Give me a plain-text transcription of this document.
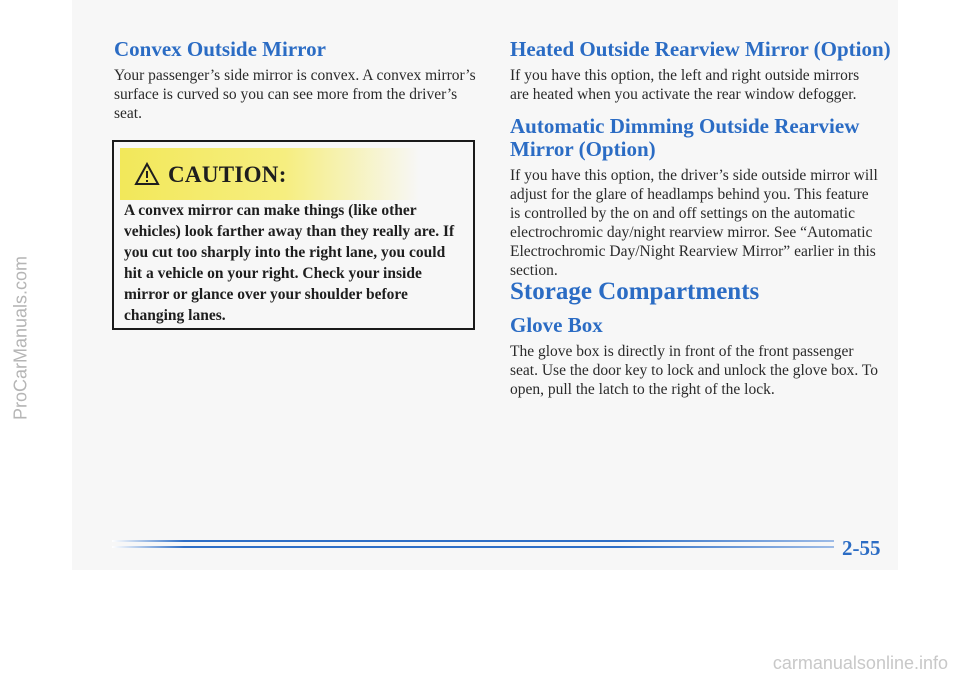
ProCarManuals.com
Convex Outside Mirror

Your passenger’s side mirror is convex. A convex mirror’s surface is curved so you can see more from the driver’s seat.

CAUTION:

A convex mirror can make things (like other vehicles) look farther away than they really are. If you cut too sharply into the right lane, you could hit a vehicle on your right. Check your inside mirror or glance over your shoulder before changing lanes.

Heated Outside Rearview Mirror (Option)

If you have this option, the left and right outside mirrors are heated when you activate the rear window defogger.

Automatic Dimming Outside Rearview
Mirror (Option)

If you have this option, the driver’s side outside mirror will adjust for the glare of headlamps behind you. This feature is controlled by the on and off settings on the automatic electrochromic day/night rearview mirror. See “Automatic Electrochromic Day/Night Rearview Mirror” earlier in this section.

Storage Compartments
Glove Box

The glove box is directly in front of the front passenger seat. Use the door key to lock and unlock the glove box. To open, pull the latch to the right of the lock.

2-55
carmanualsonline.info
